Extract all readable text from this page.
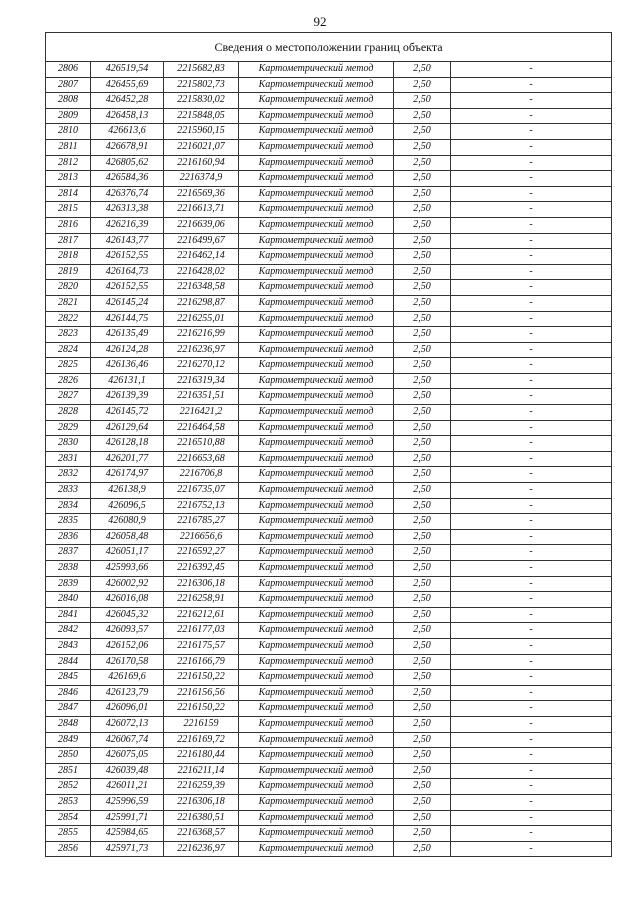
92
Сведения о местоположении границ объекта					
2806	426519,54	2215682,83	Картометрический метод	2,50	-
2807	426455,69	2215802,73	Картометрический метод	2,50	-
2808	426452,28	2215830,02	Картометрический метод	2,50	-
2809	426458,13	2215848,05	Картометрический метод	2,50	-
2810	426613,6	2215960,15	Картометрический метод	2,50	-
2811	426678,91	2216021,07	Картометрический метод	2,50	-
2812	426805,62	2216160,94	Картометрический метод	2,50	-
2813	426584,36	2216374,9	Картометрический метод	2,50	-
2814	426376,74	2216569,36	Картометрический метод	2,50	-
2815	426313,38	2216613,71	Картометрический метод	2,50	-
2816	426216,39	2216639,06	Картометрический метод	2,50	-
2817	426143,77	2216499,67	Картометрический метод	2,50	-
2818	426152,55	2216462,14	Картометрический метод	2,50	-
2819	426164,73	2216428,02	Картометрический метод	2,50	-
2820	426152,55	2216348,58	Картометрический метод	2,50	-
2821	426145,24	2216298,87	Картометрический метод	2,50	-
2822	426144,75	2216255,01	Картометрический метод	2,50	-
2823	426135,49	2216216,99	Картометрический метод	2,50	-
2824	426124,28	2216236,97	Картометрический метод	2,50	-
2825	426136,46	2216270,12	Картометрический метод	2,50	-
2826	426131,1	2216319,34	Картометрический метод	2,50	-
2827	426139,39	2216351,51	Картометрический метод	2,50	-
2828	426145,72	2216421,2	Картометрический метод	2,50	-
2829	426129,64	2216464,58	Картометрический метод	2,50	-
2830	426128,18	2216510,88	Картометрический метод	2,50	-
2831	426201,77	2216653,68	Картометрический метод	2,50	-
2832	426174,97	2216706,8	Картометрический метод	2,50	-
2833	426138,9	2216735,07	Картометрический метод	2,50	-
2834	426096,5	2216752,13	Картометрический метод	2,50	-
2835	426080,9	2216785,27	Картометрический метод	2,50	-
2836	426058,48	2216656,6	Картометрический метод	2,50	-
2837	426051,17	2216592,27	Картометрический метод	2,50	-
2838	425993,66	2216392,45	Картометрический метод	2,50	-
2839	426002,92	2216306,18	Картометрический метод	2,50	-
2840	426016,08	2216258,91	Картометрический метод	2,50	-
2841	426045,32	2216212,61	Картометрический метод	2,50	-
2842	426093,57	2216177,03	Картометрический метод	2,50	-
2843	426152,06	2216175,57	Картометрический метод	2,50	-
2844	426170,58	2216166,79	Картометрический метод	2,50	-
2845	426169,6	2216150,22	Картометрический метод	2,50	-
2846	426123,79	2216156,56	Картометрический метод	2,50	-
2847	426096,01	2216150,22	Картометрический метод	2,50	-
2848	426072,13	2216159	Картометрический метод	2,50	-
2849	426067,74	2216169,72	Картометрический метод	2,50	-
2850	426075,05	2216180,44	Картометрический метод	2,50	-
2851	426039,48	2216211,14	Картометрический метод	2,50	-
2852	426011,21	2216259,39	Картометрический метод	2,50	-
2853	425996,59	2216306,18	Картометрический метод	2,50	-
2854	425991,71	2216380,51	Картометрический метод	2,50	-
2855	425984,65	2216368,57	Картометрический метод	2,50	-
2856	425971,73	2216236,97	Картометрический метод	2,50	-
